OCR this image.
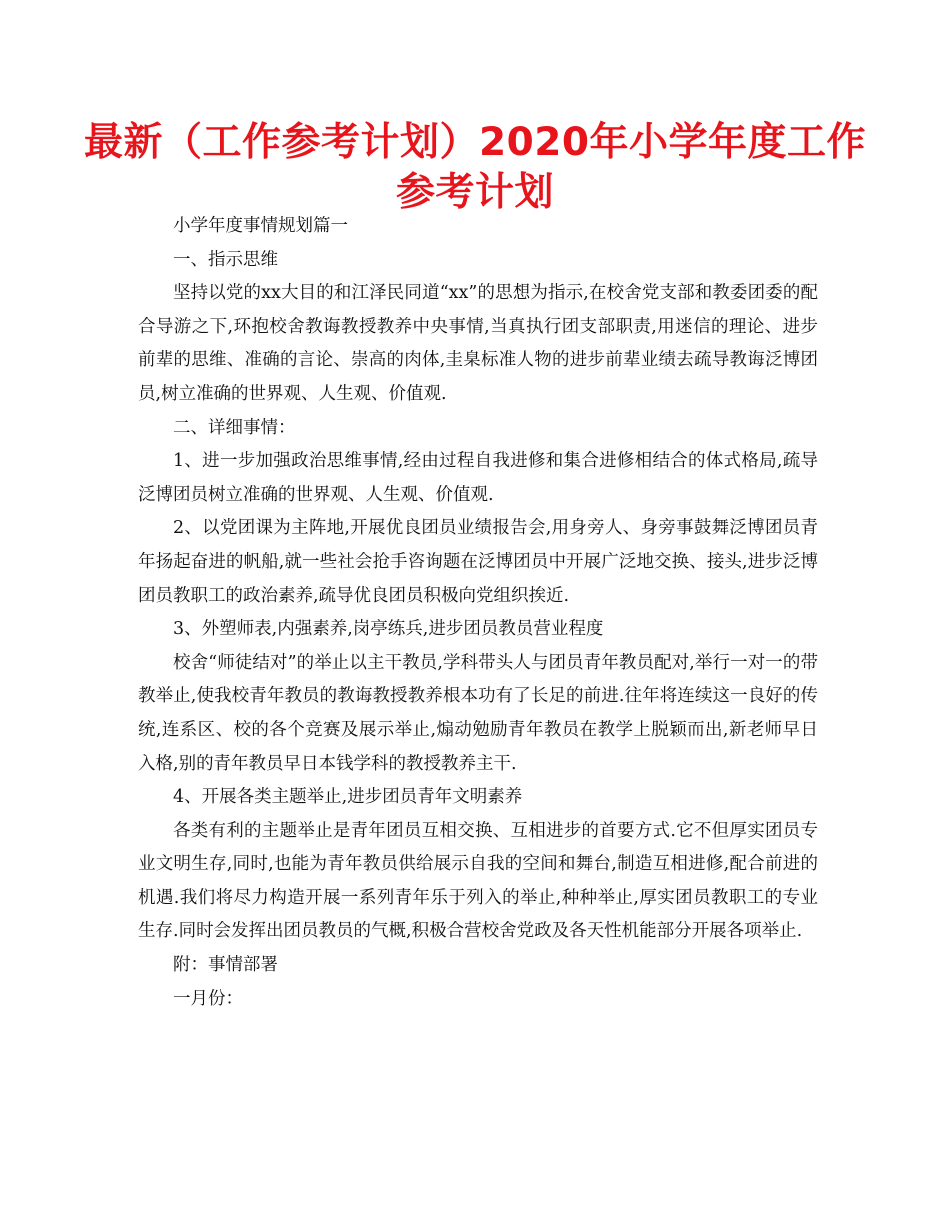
最新（工作参考计划）2020年小学年度工作参考计划

小学年度事情规划篇一

一、指示思维

坚持以党的xx大目的和江泽民同道“xx”的思想为指示,在校舍党支部和教委团委的配合导游之下,环抱校舍教诲教授教养中央事情,当真执行团支部职责,用迷信的理论、进步前辈的思维、准确的言论、崇高的肉体,圭臬标准人物的进步前辈业绩去疏导教诲泛博团员,树立准确的世界观、人生观、价值观.

二、详细事情：

1、进一步加强政治思维事情,经由过程自我进修和集合进修相结合的体式格局,疏导泛博团员树立准确的世界观、人生观、价值观.

2、以党团课为主阵地,开展优良团员业绩报告会,用身旁人、身旁事鼓舞泛博团员青年扬起奋进的帆船,就一些社会抢手咨询题在泛博团员中开展广泛地交换、接头,进步泛博团员教职工的政治素养,疏导优良团员积极向党组织挨近.

3、外塑师表,内强素养,岗亭练兵,进步团员教员营业程度

校舍“师徒结对”的举止以主干教员,学科带头人与团员青年教员配对,举行一对一的带教举止,使我校青年教员的教诲教授教养根本功有了长足的前进.往年将连续这一良好的传统,连系区、校的各个竞赛及展示举止,煽动勉励青年教员在教学上脱颖而出,新老师早日入格,别的青年教员早日本钱学科的教授教养主干.

4、开展各类主题举止,进步团员青年文明素养

各类有利的主题举止是青年团员互相交换、互相进步的首要方式.它不但厚实团员专业文明生存,同时,也能为青年教员供给展示自我的空间和舞台,制造互相进修,配合前进的机遇.我们将尽力构造开展一系列青年乐于列入的举止,种种举止,厚实团员教职工的专业生存.同时会发挥出团员教员的气概,积极合营校舍党政及各天性机能部分开展各项举止.

附：事情部署

一月份：
